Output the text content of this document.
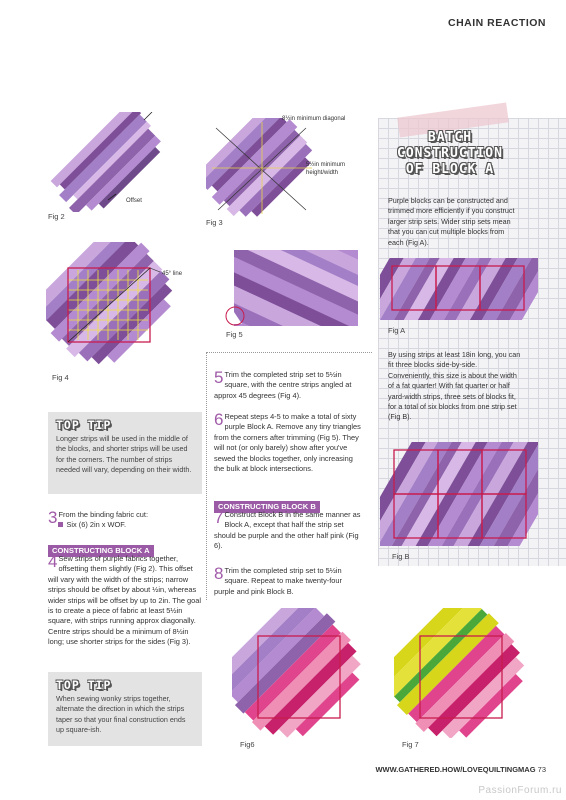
CHAIN REACTION
Offset
Fig 2
8½in minimum diagonal
5½in minimum height/width
Fig 3
45° line
Fig 4
Fig 5
BATCH
CONSTRUCTION
OF BLOCK A
Purple blocks can be constructed and trimmed more efficiently if you construct larger strip sets. Wider strip sets mean that you can cut multiple blocks from each (Fig A).
Fig A
By using strips at least 18in long, you can fit three blocks side-by-side. Conveniently, this size is about the width of a fat quarter! With fat quarter or half yard-width strips, three sets of blocks fit, for a total of six blocks from one strip set (Fig B).
Fig B
TOP TIP
Longer strips will be used in the middle of the blocks, and shorter strips will be used for the corners. The number of strips needed will vary, depending on their width.
3 From the binding fabric cut:
Six (6) 2in x WOF.
CONSTRUCTING BLOCK A
4 Sew strips of purple fabrics together, offsetting them slightly (Fig 2). This offset will vary with the width of the strips; narrow strips should be offset by about ½in, whereas wider strips will be offset by up to 2in. The goal is to create a piece of fabric at least 5½in square, with strips running approx diagonally. Centre strips should be a minimum of 8½in long; use shorter strips for the sides (Fig 3).
TOP TIP
When sewing wonky strips together, alternate the direction in which the strips taper so that your final construction ends up square-ish.
5 Trim the completed strip set to 5½in square, with the centre strips angled at approx 45 degrees (Fig 4).
6 Repeat steps 4-5 to make a total of sixty purple Block A. Remove any tiny triangles from the corners after trimming (Fig 5). They will not (or only barely) show after you've sewed the blocks together, only increasing the bulk at block intersections.
CONSTRUCTING BLOCK B
7 Construct Block B in the same manner as Block A, except that half the strip set should be purple and the other half pink (Fig 6).
8 Trim the completed strip set to 5½in square. Repeat to make twenty-four purple and pink Block B.
Fig6	Fig 7
WWW.GATHERED.HOW/LOVEQUILTINGMAG 73
PassionForum.ru
